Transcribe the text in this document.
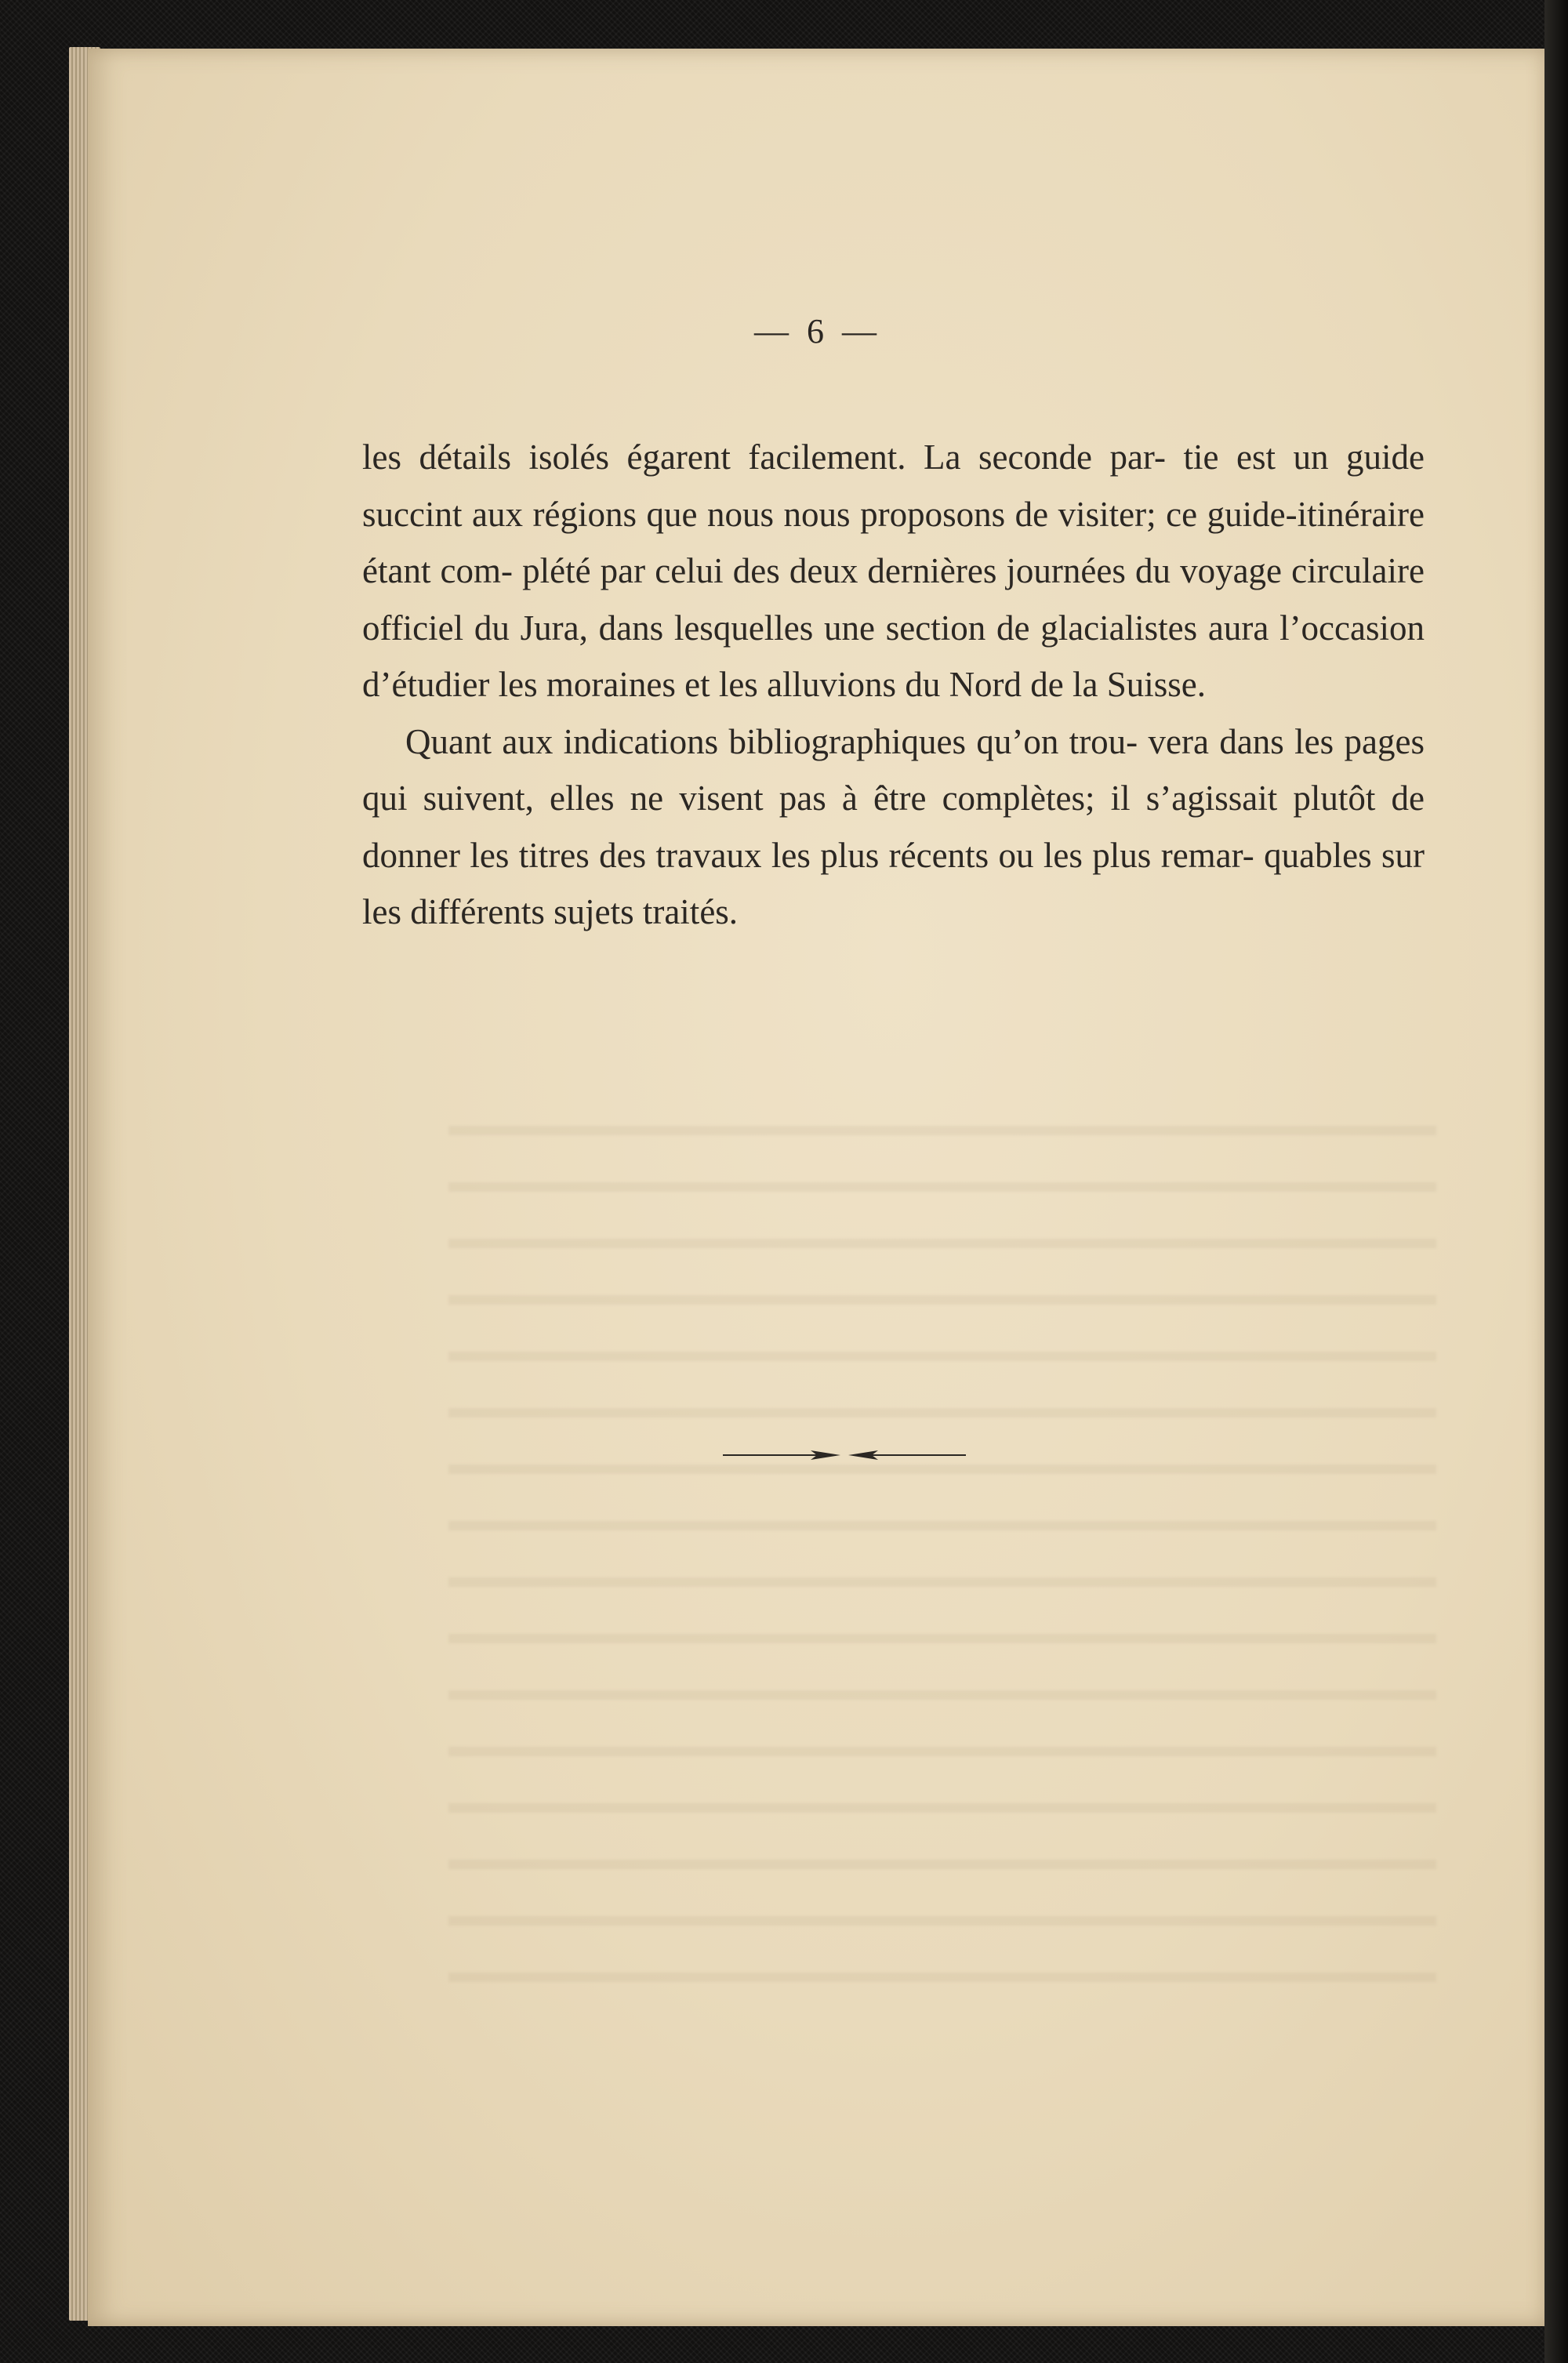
— 6 —

les détails isolés égarent facilement. La seconde par- tie est un guide succint aux régions que nous nous proposons de visiter; ce guide-itinéraire étant com- plété par celui des deux dernières journées du voyage circulaire officiel du Jura, dans lesquelles une section de glacialistes aura l’occasion d’étudier les moraines et les alluvions du Nord de la Suisse.

Quant aux indications bibliographiques qu’on trou- vera dans les pages qui suivent, elles ne visent pas à être complètes; il s’agissait plutôt de donner les titres des travaux les plus récents ou les plus remar- quables sur les différents sujets traités.
